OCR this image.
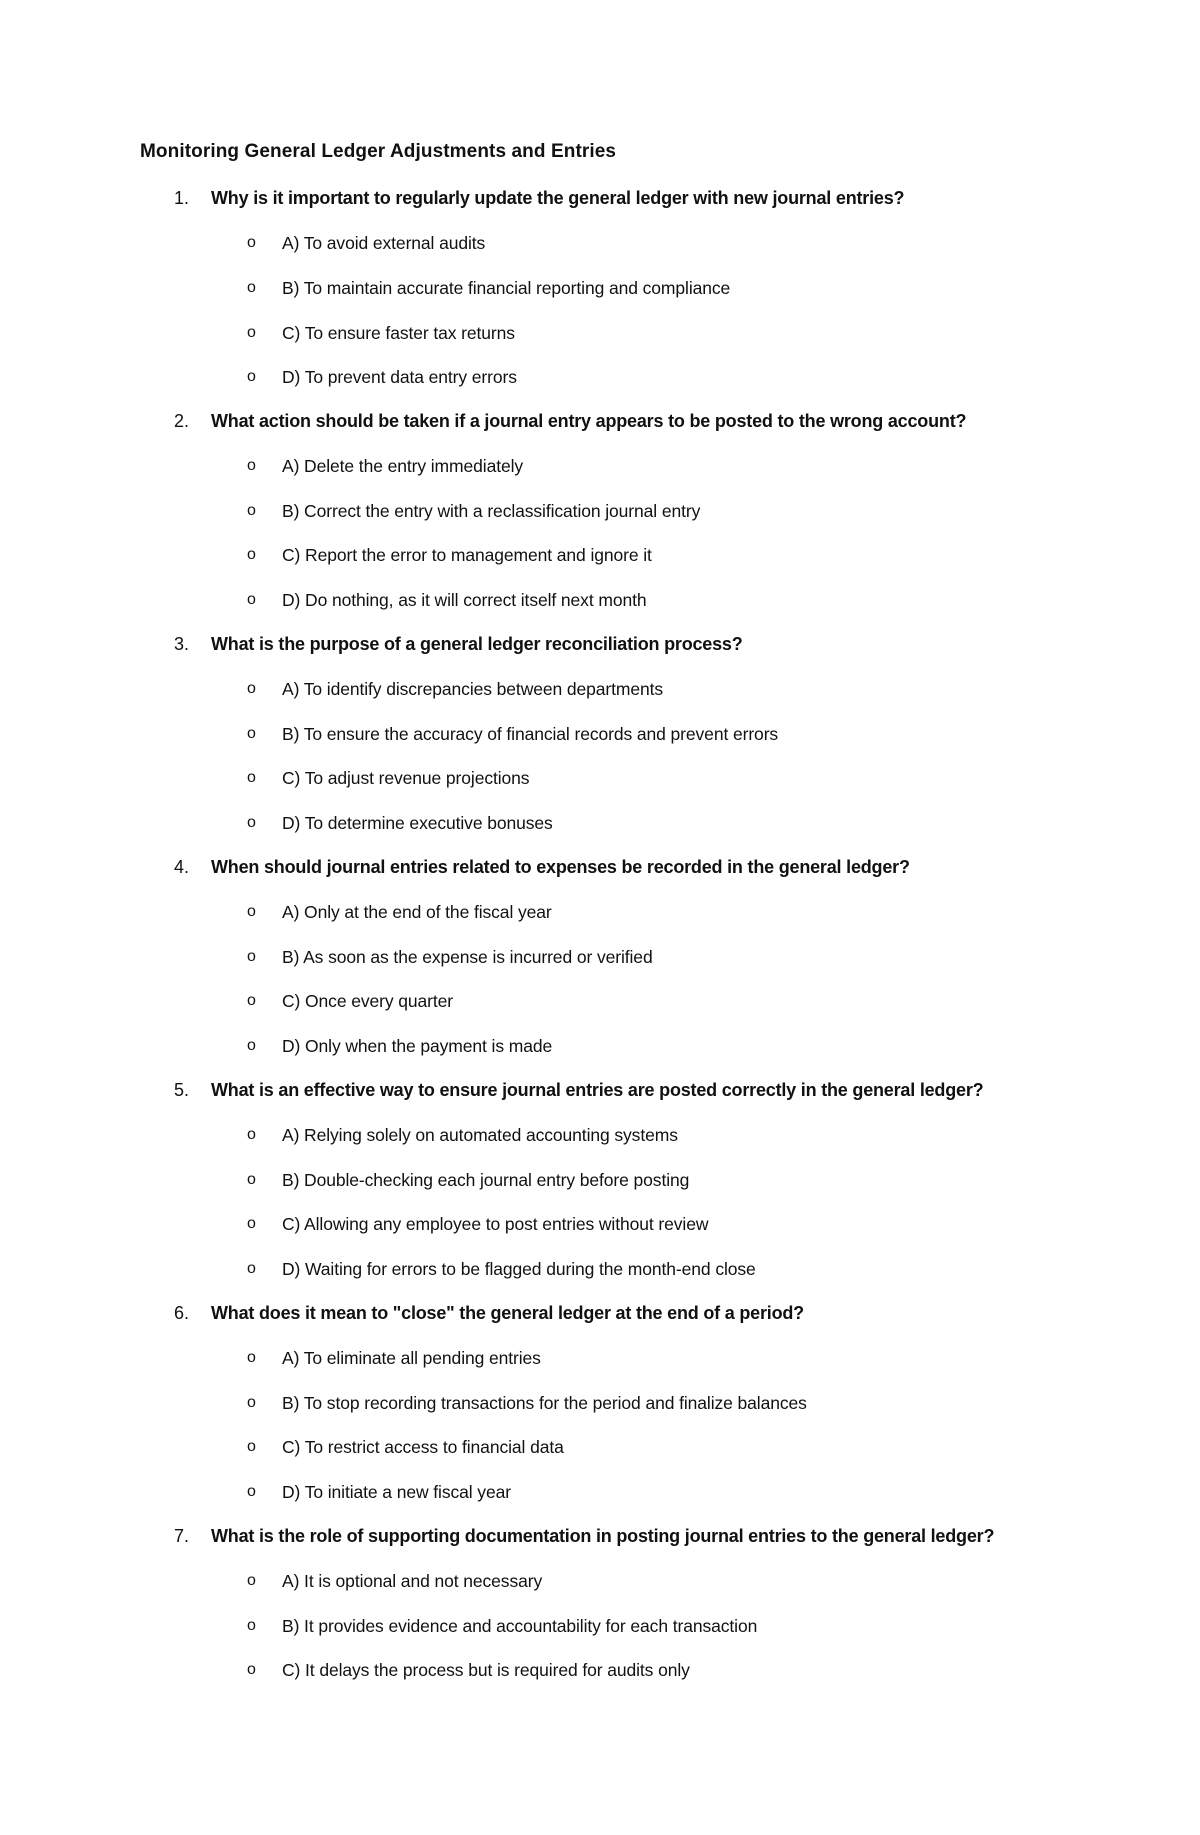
Monitoring General Ledger Adjustments and Entries
1. Why is it important to regularly update the general ledger with new journal entries?
o A) To avoid external audits
o B) To maintain accurate financial reporting and compliance
o C) To ensure faster tax returns
o D) To prevent data entry errors
2. What action should be taken if a journal entry appears to be posted to the wrong account?
o A) Delete the entry immediately
o B) Correct the entry with a reclassification journal entry
o C) Report the error to management and ignore it
o D) Do nothing, as it will correct itself next month
3. What is the purpose of a general ledger reconciliation process?
o A) To identify discrepancies between departments
o B) To ensure the accuracy of financial records and prevent errors
o C) To adjust revenue projections
o D) To determine executive bonuses
4. When should journal entries related to expenses be recorded in the general ledger?
o A) Only at the end of the fiscal year
o B) As soon as the expense is incurred or verified
o C) Once every quarter
o D) Only when the payment is made
5. What is an effective way to ensure journal entries are posted correctly in the general ledger?
o A) Relying solely on automated accounting systems
o B) Double-checking each journal entry before posting
o C) Allowing any employee to post entries without review
o D) Waiting for errors to be flagged during the month-end close
6. What does it mean to "close" the general ledger at the end of a period?
o A) To eliminate all pending entries
o B) To stop recording transactions for the period and finalize balances
o C) To restrict access to financial data
o D) To initiate a new fiscal year
7. What is the role of supporting documentation in posting journal entries to the general ledger?
o A) It is optional and not necessary
o B) It provides evidence and accountability for each transaction
o C) It delays the process but is required for audits only
